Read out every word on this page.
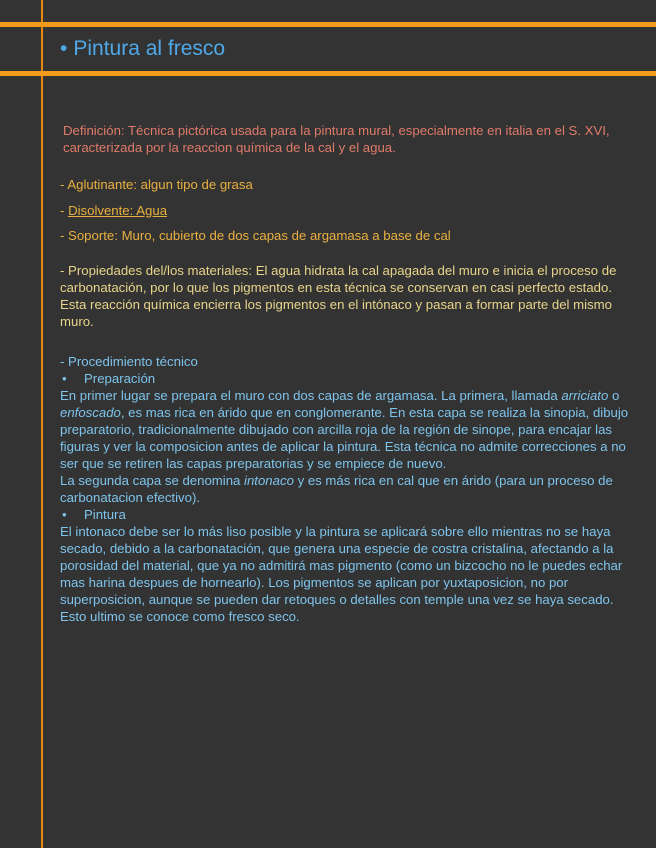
• Pintura al fresco

Definición: Técnica pictórica usada para la pintura mural, especialmente en italia en el S. XVI, caracterizada por la reaccion química de la cal y el agua.

- Aglutinante: algun tipo de grasa
- Disolvente: Agua
- Soporte: Muro, cubierto de dos capas de argamasa a base de cal

- Propiedades del/los materiales: El agua hidrata la cal apagada del muro e inicia el proceso de carbonatación, por lo que los pigmentos en esta técnica se conservan en casi perfecto estado. Esta reacción química encierra los pigmentos en el intónaco y pasan a formar parte del mismo muro.

- Procedimiento técnico
• Preparación
En primer lugar se prepara el muro con dos capas de argamasa. La primera, llamada arriciato o enfoscado, es mas rica en árido que en conglomerante. En esta capa se realiza la sinopia, dibujo preparatorio, tradicionalmente dibujado con arcilla roja de la región de sinope, para encajar las figuras y ver la composicion antes de aplicar la pintura. Esta técnica no admite correcciones a no ser que se retiren las capas preparatorias y se empiece de nuevo.
La segunda capa se denomina intonaco y es más rica en cal que en árido (para un proceso de carbonatacion efectivo).
• Pintura
El intonaco debe ser lo más liso posible y la pintura se aplicará sobre ello mientras no se haya secado, debido a la carbonatación, que genera una especie de costra cristalina, afectando a la porosidad del material, que ya no admitirá mas pigmento (como un bizcocho no le puedes echar mas harina despues de hornearlo). Los pigmentos se aplican por yuxtaposicion, no por superposicion, aunque se pueden dar retoques o detalles con temple una vez se haya secado. Esto ultimo se conoce como fresco seco.
